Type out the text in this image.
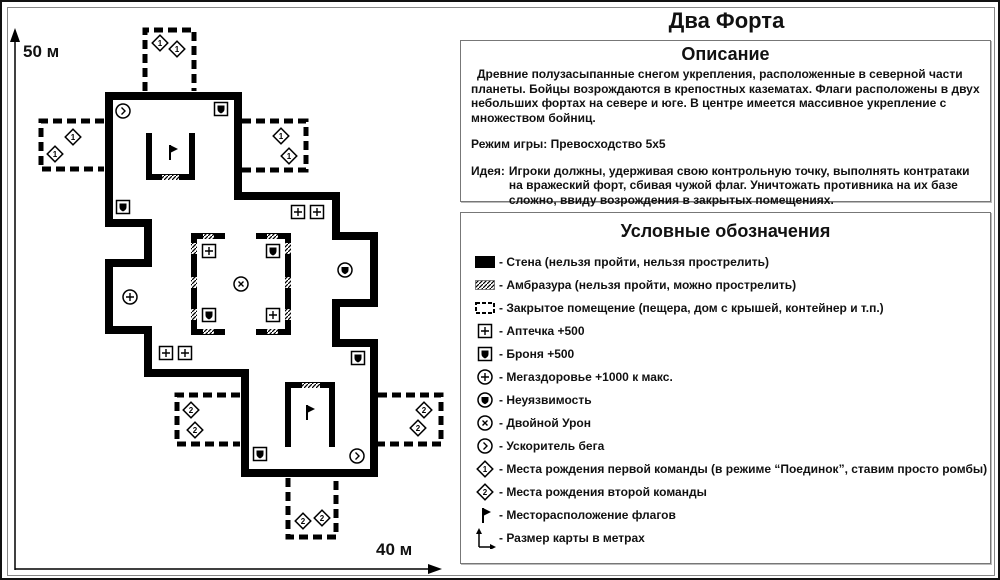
1
1
1
1
1
1
2
2
2
2
2 2
50 м
40 м
Два Форта
Описание

Древние полузасыпанные снегом укрепления, расположенные в северной части планеты. Бойцы возрождаются в крепостных казематах. Флаги расположены в двух небольших фортах на севере и юге. В центре имеется массивное укрепление с множеством бойниц.

Режим игры: Превосходство 5х5

Идея: Игроки должны, удерживая свою контрольную точку, выполнять контратаки на вражеский форт, сбивая чужой флаг. Уничтожать противника на их базе сложно, ввиду возрождения в закрытых помещениях.

Условные обозначения
- Стена (нельзя пройти, нельзя прострелить)
- Амбразура (нельзя пройти, можно прострелить)
- Закрытое помещение (пещера, дом с крышей, контейнер и т.п.)
- Аптечка +500
- Броня +500
- Мегаздоровье +1000 к макс.
- Неуязвимость
- Двойной Урон
- Ускоритель бега
1 - Места рождения первой команды (в режиме “Поединок”, ставим просто ромбы)
2 - Места рождения второй команды
- Месторасположение флагов
- Размер карты в метрах
